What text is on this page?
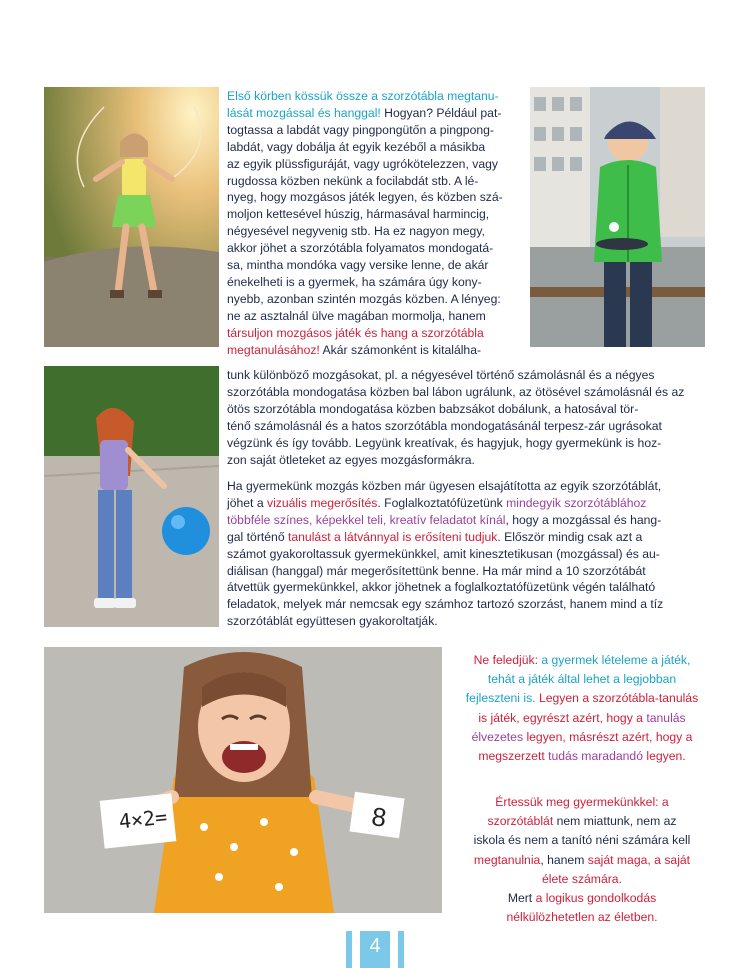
4×2=	8
Első körben kössük össze a szorzótábla megtanu-
lását mozgással és hanggal! Hogyan? Például pat-
togtassa a labdát vagy pingpongütőn a pingpong-
labdát, vagy dobálja át egyik kezéből a másikba
az egyik plüssfiguráját, vagy ugrókötelezzen, vagy
rugdossa közben nekünk a focilabdát stb. A lé-
nyeg, hogy mozgásos játék legyen, és közben szá-
moljon kettesével húszig, hármasával harmincig,
négyesével negyvenig stb. Ha ez nagyon megy,
akkor jöhet a szorzótábla folyamatos mondogatá-
sa, mintha mondóka vagy versike lenne, de akár
énekelheti is a gyermek, ha számára úgy kony-
nyebb, azonban szintén mozgás közben. A lényeg:
ne az asztalnál ülve magában mormolja, hanem
társuljon mozgásos játék és hang a szorzótábla
megtanulásához! Akár számonként is kitalálha-
tunk különböző mozgásokat, pl. a négyesével történő számolásnál és a négyes
szorzótábla mondogatása közben bal lábon ugrálunk, az ötösével számolásnál és az
ötös szorzótábla mondogatása közben babzsákot dobálunk, a hatosával tör-
ténő számolásnál és a hatos szorzótábla mondogatásánál terpesz-zár ugrásokat
végzünk és így tovább. Legyünk kreatívak, és hagyjuk, hogy gyermekünk is hoz-
zon saját ötleteket az egyes mozgásformákra.
Ha gyermekünk mozgás közben már ügyesen elsajátította az egyik szorzótáblát,
jöhet a vizuális megerősítés. Foglalkoztatófüzetünk mindegyik szorzótáblához
többféle színes, képekkel teli, kreatív feladatot kínál, hogy a mozgással és hang-
gal történő tanulást a látvánnyal is erősíteni tudjuk. Először mindig csak azt a
számot gyakoroltassuk gyermekünkkel, amit kinesztetikusan (mozgással) és au-
diálisan (hanggal) már megerősítettünk benne. Ha már mind a 10 szorzótábát
átvettük gyermekünkkel, akkor jöhetnek a foglalkoztatófüzetünk végén található
feladatok, melyek már nemcsak egy számhoz tartozó szorzást, hanem mind a tíz
szorzótáblát együttesen gyakoroltatják.
Ne feledjük: a gyermek lételeme a játék,
tehát a játék által lehet a legjobban
fejleszteni is. Legyen a szorzótábla-tanulás
is játék, egyrészt azért, hogy a tanulás
élvezetes legyen, másrészt azért, hogy a
megszerzett tudás maradandó legyen.
Értessük meg gyermekünkkel: a
szorzótáblát nem miattunk, nem az
iskola és nem a tanító néni számára kell
megtanulnia, hanem saját maga, a saját
élete számára.
Mert a logikus gondolkodás
nélkülözhetetlen az életben.
4
